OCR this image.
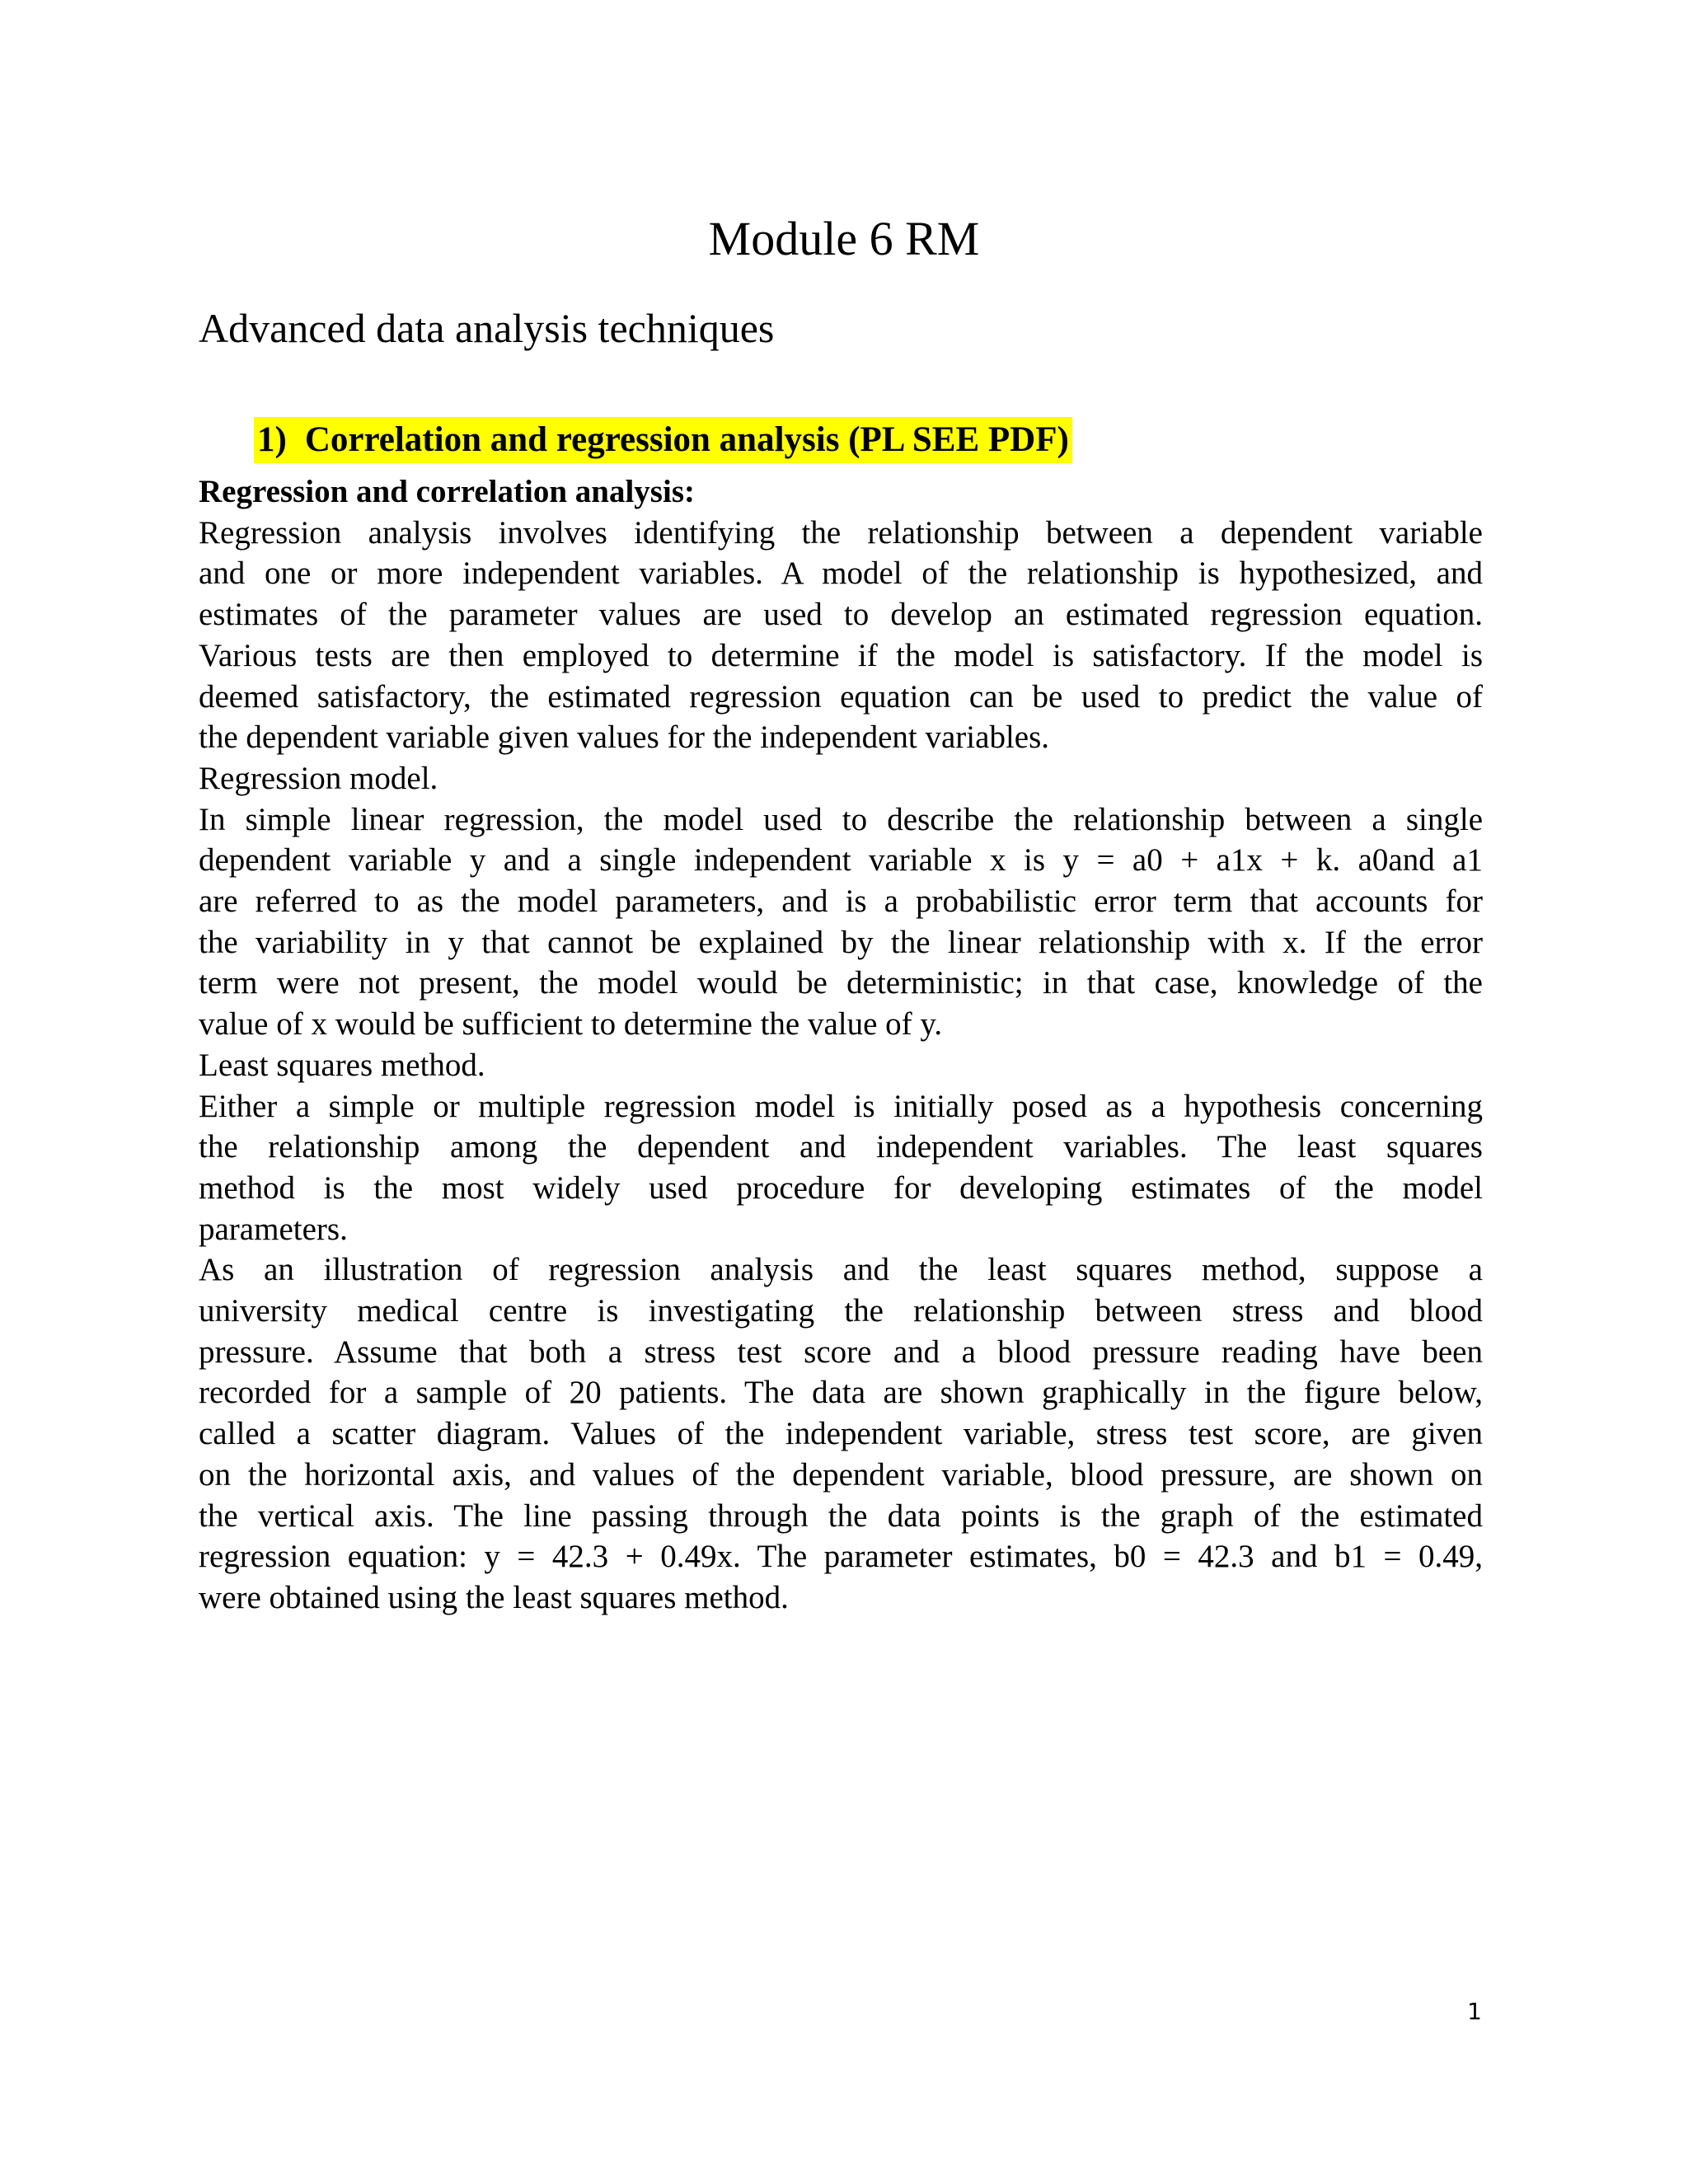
Module 6 RM
Advanced data analysis techniques
1) Correlation and regression analysis (PL SEE PDF)
Regression and correlation analysis:
Regression analysis involves identifying the relationship between a dependent variable
and one or more independent variables. A model of the relationship is hypothesized, and
estimates of the parameter values are used to develop an estimated regression equation.
Various tests are then employed to determine if the model is satisfactory. If the model is
deemed satisfactory, the estimated regression equation can be used to predict the value of
the dependent variable given values for the independent variables.
Regression model.
In simple linear regression, the model used to describe the relationship between a single
dependent variable y and a single independent variable x is y = a0 + a1x + k. a0and a1
are referred to as the model parameters, and is a probabilistic error term that accounts for
the variability in y that cannot be explained by the linear relationship with x. If the error
term were not present, the model would be deterministic; in that case, knowledge of the
value of x would be sufficient to determine the value of y.
Least squares method.
Either a simple or multiple regression model is initially posed as a hypothesis concerning
the relationship among the dependent and independent variables. The least squares
method is the most widely used procedure for developing estimates of the model
parameters.
As an illustration of regression analysis and the least squares method, suppose a
university medical centre is investigating the relationship between stress and blood
pressure. Assume that both a stress test score and a blood pressure reading have been
recorded for a sample of 20 patients. The data are shown graphically in the figure below,
called a scatter diagram. Values of the independent variable, stress test score, are given
on the horizontal axis, and values of the dependent variable, blood pressure, are shown on
the vertical axis. The line passing through the data points is the graph of the estimated
regression equation: y = 42.3 + 0.49x. The parameter estimates, b0 = 42.3 and b1 = 0.49,
were obtained using the least squares method.
1
